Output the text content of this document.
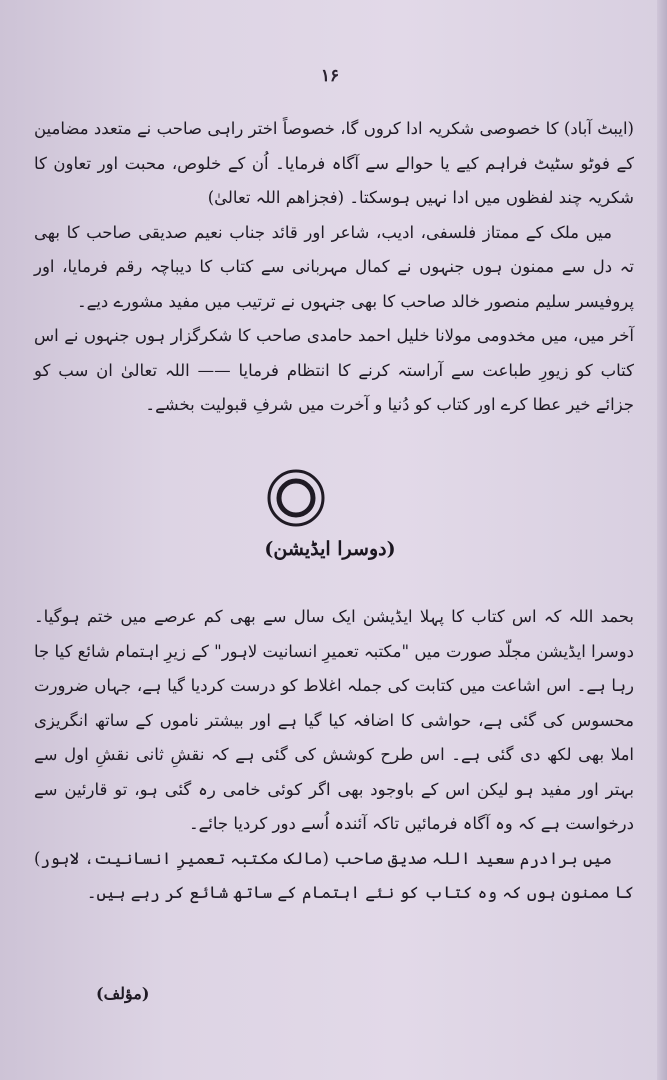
۱۶

(ایبٹ آباد) کا خصوصی شکریہ ادا کروں گا، خصوصاً اختر راہی صاحب نے متعدد مضامین کے فوٹو سٹیٹ فراہم کیے یا حوالے سے آگاہ فرمایا۔ اُن کے خلوص، محبت اور تعاون کا شکریہ چند لفظوں میں ادا نہیں ہوسکتا۔ (فجزاھم اللہ تعالیٰ)

میں ملک کے ممتاز فلسفی، ادیب، شاعر اور قائد جناب نعیم صدیقی صاحب کا بھی تہ دل سے ممنون ہوں جنہوں نے کمال مہربانی سے کتاب کا دیباچہ رقم فرمایا، اور پروفیسر سلیم منصور خالد صاحب کا بھی جنہوں نے ترتیب میں مفید مشورے دیے۔

آخر میں، میں مخدومی مولانا خلیل احمد حامدی صاحب کا شکرگزار ہوں جنہوں نے اس کتاب کو زیورِ طباعت سے آراستہ کرنے کا انتظام فرمایا —— اللہ تعالیٰ ان سب کو جزائے خیر عطا کرے اور کتاب کو دُنیا و آخرت میں شرفِ قبولیت بخشے۔

(دوسرا ایڈیشن)

بحمد اللہ کہ اس کتاب کا پہلا ایڈیشن ایک سال سے بھی کم عرصے میں ختم ہوگیا۔ دوسرا ایڈیشن مجلّد صورت میں "مکتبہ تعمیرِ انسانیت لاہور" کے زیرِ اہتمام شائع کیا جا رہا ہے۔ اس اشاعت میں کتابت کی جملہ اغلاط کو درست کردیا گیا ہے، جہاں ضرورت محسوس کی گئی ہے، حواشی کا اضافہ کیا گیا ہے اور بیشتر ناموں کے ساتھ انگریزی املا بھی لکھ دی گئی ہے۔ اس طرح کوشش کی گئی ہے کہ نقشِ ثانی نقشِ اول سے بہتر اور مفید ہو لیکن اس کے باوجود بھی اگر کوئی خامی رہ گئی ہو، تو قارئین سے درخواست ہے کہ وہ آگاہ فرمائیں تاکہ آئندہ اُسے دور کردیا جائے۔

میں برادرم سعید اللہ صدیق صاحب (مالک مکتبہ تعمیرِ انسانیت، لاہور) کا ممنون ہوں کہ وہ کتاب کو نئے اہتمام کے ساتھ شائع کر رہے ہیں۔

(مؤلف)
